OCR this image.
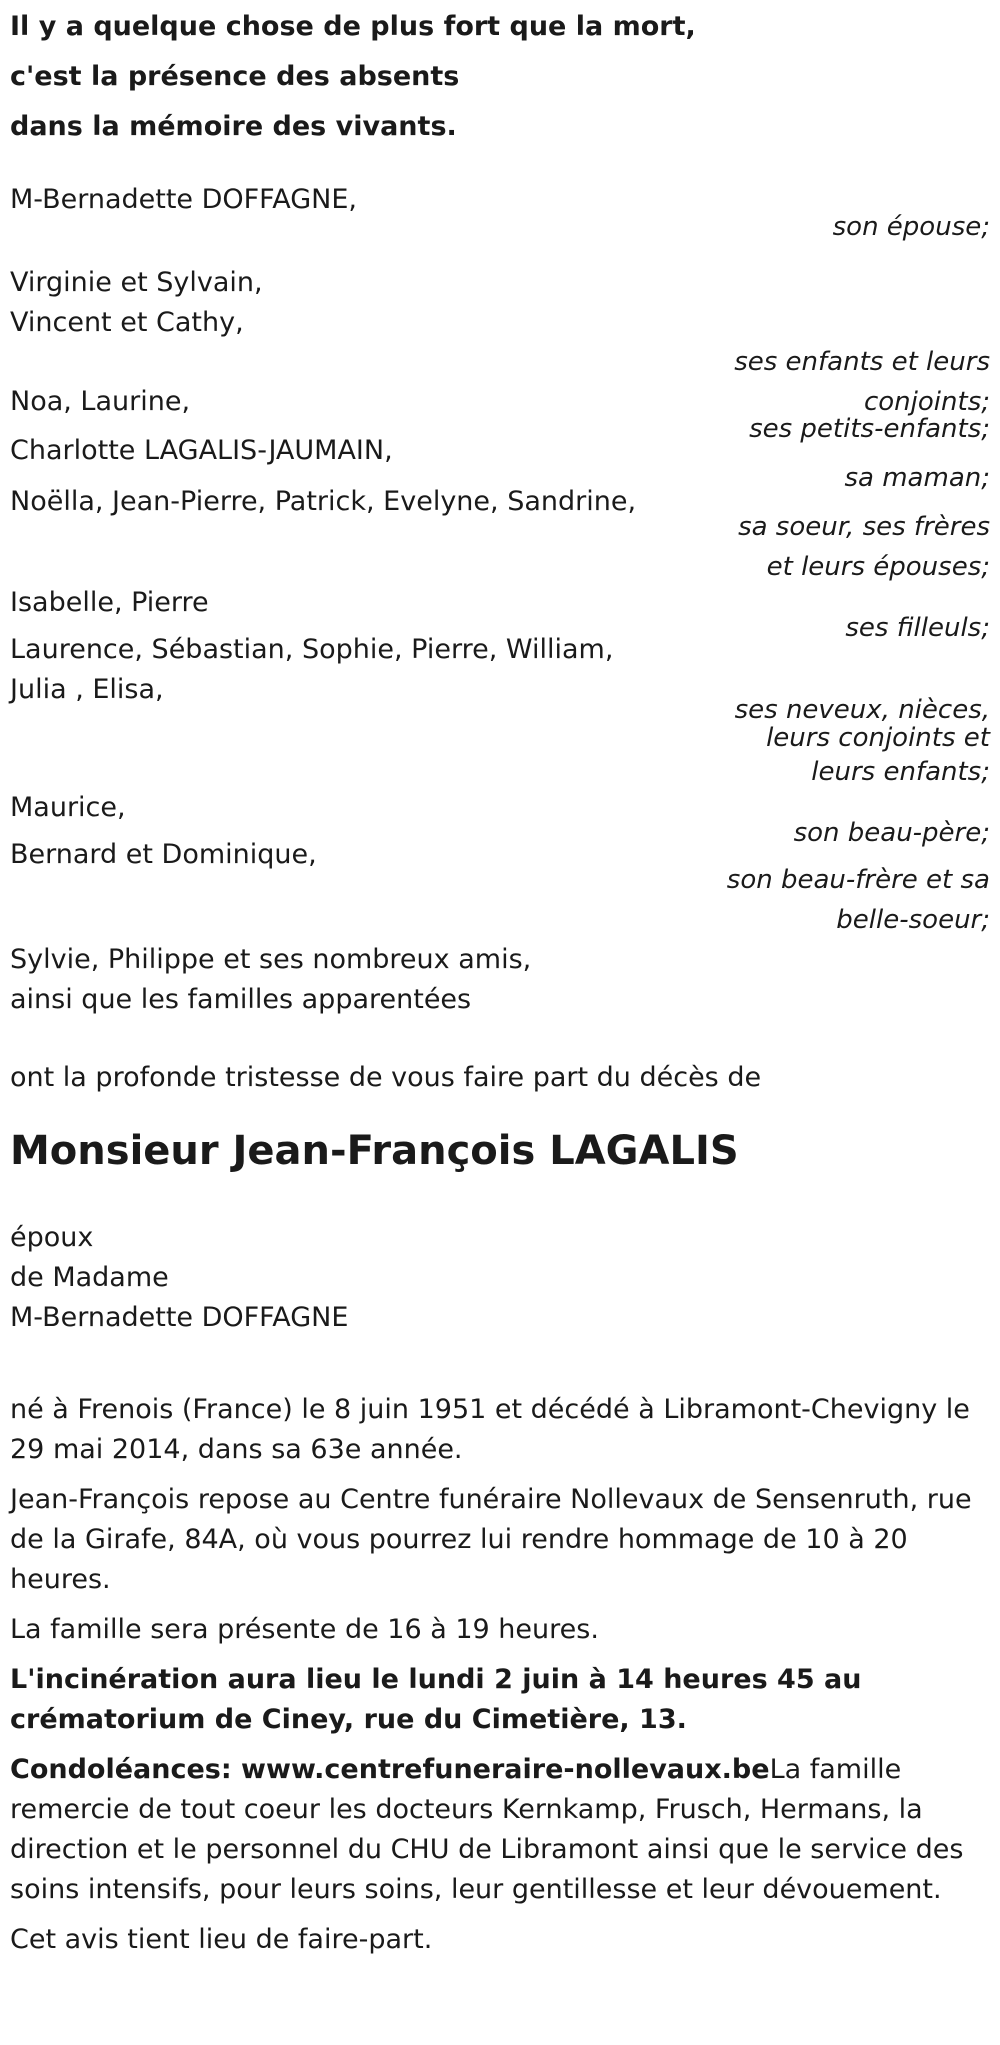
Il y a quelque chose de plus fort que la mort,
c'est la présence des absents
dans la mémoire des vivants.
M-Bernadette DOFFAGNE,
son épouse;
Virginie et Sylvain,
Vincent et Cathy,
ses enfants et leurs
conjoints;
Noa, Laurine,
ses petits-enfants;
Charlotte LAGALIS-JAUMAIN,
sa maman;
Noëlla, Jean-Pierre, Patrick, Evelyne, Sandrine,
sa soeur, ses frères
et leurs épouses;
Isabelle, Pierre
ses filleuls;
Laurence, Sébastian, Sophie, Pierre, William,
Julia , Elisa,
ses neveux, nièces,
leurs conjoints et
leurs enfants;
Maurice,
son beau-père;
Bernard et Dominique,
son beau-frère et sa
belle-soeur;
Sylvie, Philippe et ses nombreux amis,
ainsi que les familles apparentées
ont la profonde tristesse de vous faire part du décès de
Monsieur Jean-François LAGALIS
époux
de Madame
M-Bernadette DOFFAGNE
né à Frenois (France) le 8 juin 1951 et décédé à Libramont-Chevigny le 29 mai 2014, dans sa 63e année.
Jean-François repose au Centre funéraire Nollevaux de Sensenruth, rue de la Girafe, 84A, où vous pourrez lui rendre hommage de 10 à 20 heures.
La famille sera présente de 16 à 19 heures.
L'incinération aura lieu le lundi 2 juin à 14 heures 45 au crématorium de Ciney, rue du Cimetière, 13.
Condoléances: www.centrefuneraire-nollevaux.beLa famille remercie de tout coeur les docteurs Kernkamp, Frusch, Hermans, la direction et le personnel du CHU de Libramont ainsi que le service des soins intensifs, pour leurs soins, leur gentillesse et leur dévouement.
Cet avis tient lieu de faire-part.
